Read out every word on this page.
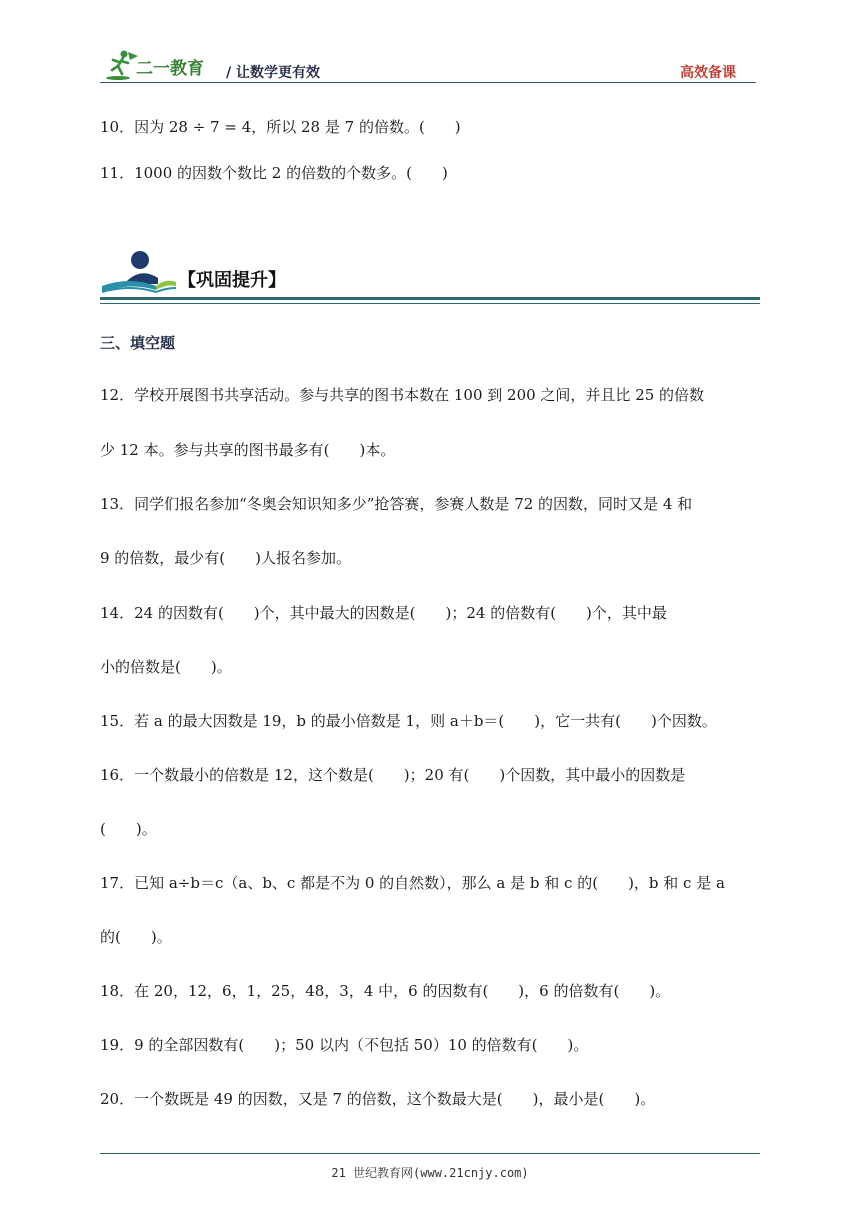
二一教育 / 让数学更有效	高效备课
10．因为 28 ÷ 7 = 4，所以 28 是 7 的倍数。(　　)
11．1000 的因数个数比 2 的倍数的个数多。(　　)
【巩固提升】
三、填空题
12．学校开展图书共享活动。参与共享的图书本数在 100 到 200 之间，并且比 25 的倍数
少 12 本。参与共享的图书最多有(　　)本。
13．同学们报名参加“冬奥会知识知多少”抢答赛，参赛人数是 72 的因数，同时又是 4 和
9 的倍数，最少有(　　)人报名参加。
14．24 的因数有(　　)个，其中最大的因数是(　　)；24 的倍数有(　　)个，其中最
小的倍数是(　　)。
15．若 a 的最大因数是 19，b 的最小倍数是 1，则 a＋b＝(　　)，它一共有(　　)个因数。
16．一个数最小的倍数是 12，这个数是(　　)；20 有(　　)个因数，其中最小的因数是
(　　)。
17．已知 a÷b＝c（a、b、c 都是不为 0 的自然数），那么 a 是 b 和 c 的(　　)，b 和 c 是 a
的(　　)。
18．在 20，12，6，1，25，48，3，4 中，6 的因数有(　　)，6 的倍数有(　　)。
19．9 的全部因数有(　　)；50 以内（不包括 50）10 的倍数有(　　)。
20．一个数既是 49 的因数，又是 7 的倍数，这个数最大是(　　)，最小是(　　)。
21 世纪教育网(www.21cnjy.com)
